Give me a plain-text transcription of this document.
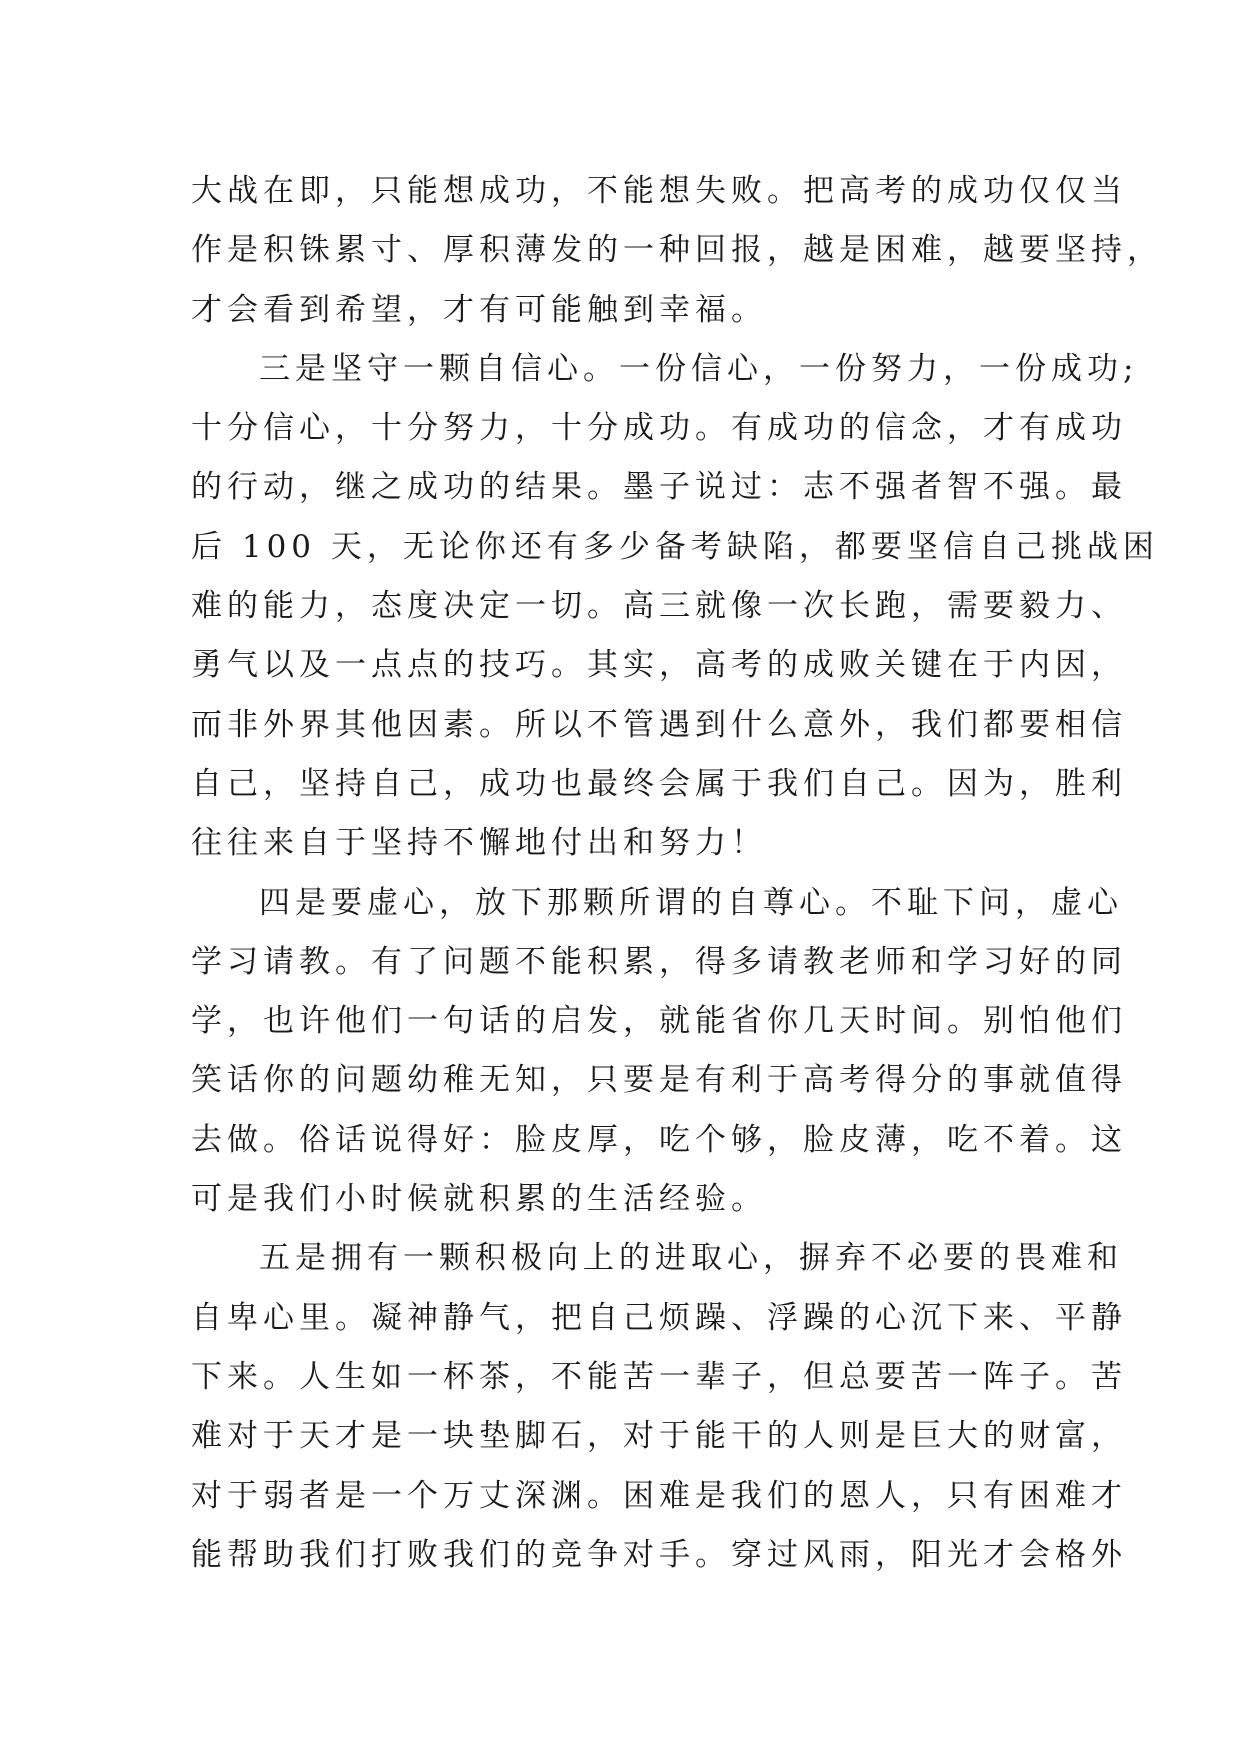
大战在即，只能想成功，不能想失败。把高考的成功仅仅当
作是积铢累寸、厚积薄发的一种回报，越是困难，越要坚持，
才会看到希望，才有可能触到幸福。
三是坚守一颗自信心。一份信心，一份努力，一份成功;
十分信心，十分努力，十分成功。有成功的信念，才有成功
的行动，继之成功的结果。墨子说过：志不强者智不强。最
后 100 天，无论你还有多少备考缺陷，都要坚信自己挑战困
难的能力，态度决定一切。高三就像一次长跑，需要毅力、
勇气以及一点点的技巧。其实，高考的成败关键在于内因，
而非外界其他因素。所以不管遇到什么意外，我们都要相信
自己，坚持自己，成功也最终会属于我们自己。因为，胜利
往往来自于坚持不懈地付出和努力！
四是要虚心，放下那颗所谓的自尊心。不耻下问，虚心
学习请教。有了问题不能积累，得多请教老师和学习好的同
学，也许他们一句话的启发，就能省你几天时间。别怕他们
笑话你的问题幼稚无知，只要是有利于高考得分的事就值得
去做。俗话说得好：脸皮厚，吃个够，脸皮薄，吃不着。这
可是我们小时候就积累的生活经验。
五是拥有一颗积极向上的进取心，摒弃不必要的畏难和
自卑心里。凝神静气，把自己烦躁、浮躁的心沉下来、平静
下来。人生如一杯茶，不能苦一辈子，但总要苦一阵子。苦
难对于天才是一块垫脚石，对于能干的人则是巨大的财富，
对于弱者是一个万丈深渊。困难是我们的恩人，只有困难才
能帮助我们打败我们的竞争对手。穿过风雨，阳光才会格外
